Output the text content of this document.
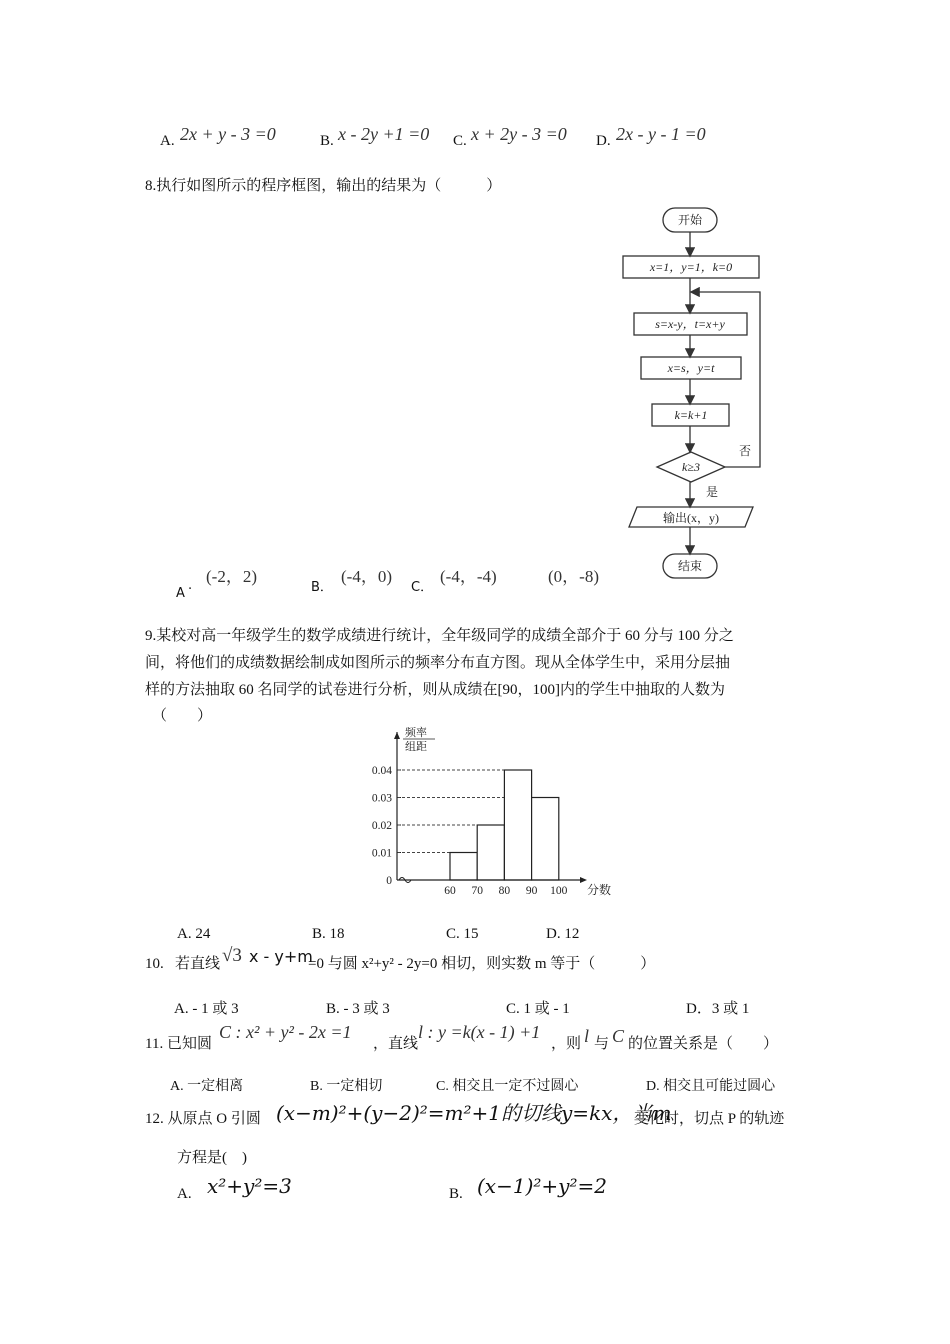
A. 2x + y - 3 =0	B. x - 2y +1 =0 C. x + 2y - 3 =0 D. 2x - y - 1 =0
8.执行如图所示的程序框图，输出的结果为（　　　）
开始
x=1，y=1，k=0
s=x-y，t=x+y
x=s，y=t
k=k+1
k≥3
否
是
输出(x，y)
结束
A
. (-2，2)
B．
(-4，0)
C．
(-4，-4)	(0，-8)
9.某校对高一年级学生的数学成绩进行统计，全年级同学的成绩全部介于 60 分与 100 分之
间，将他们的成绩数据绘制成如图所示的频率分布直方图。现从全体学生中，采用分层抽
样的方法抽取 60 名同学的试卷进行分析，则从成绩在[90，100]内的学生中抽取的人数为
（　　）
0
0.01
0.02
0.03
0.04
60 70 80 90 100
频率
组距
分数
A. 24	B. 18	C. 15	D. 12
10. 若直线 √3 x - y+m
=0 与圆 x²+y² - 2y=0 相切，则实数 m 等于（　　　）
A. - 1 或 3	B. - 3 或 3	C. 1 或 - 1	D．3 或 1
11. 已知圆
C : x² + y² - 2x =1
，直线
l : y =k(x - 1) +1
，则 l 与 C 的位置关系是（　　）
A. 一定相离	B. 一定相切	C. 相交且一定不过圆心	D. 相交且可能过圆心
12. 从原点 O 引圆 (x−m)²+(y−2)²=m²+1的切线y=kx，当m
变化时，切点 P 的轨迹
方程是(　)
A. x²+y²=3	B. (x−1)²+y²=2
